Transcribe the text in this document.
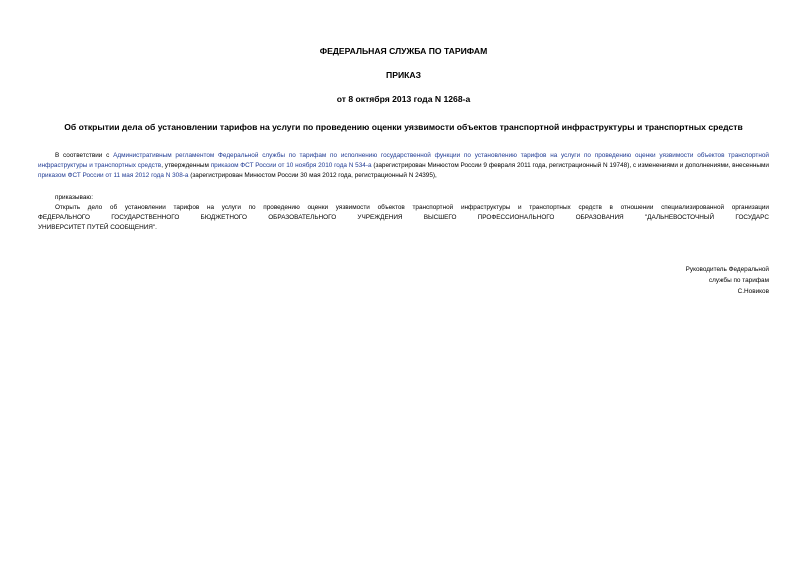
ФЕДЕРАЛЬНАЯ СЛУЖБА ПО ТАРИФАМ
ПРИКАЗ
от 8 октября 2013 года N 1268-а
Об открытии дела об установлении тарифов на услуги по проведению оценки уязвимости объектов транспортной инфраструктуры и транспортных средств
В соответствии с Административным регламентом Федеральной службы по тарифам по исполнению государственной функции по установлению тарифов на услуги по проведению оценки уязвимости объектов транспортной инфраструктуры и транспортных средств, утвержденным приказом ФСТ России от 10 ноября 2010 года N 534-а (зарегистрирован Минюстом России 9 февраля 2011 года, регистрационный N 19748), с изменениями и дополнениями, внесенными приказом ФСТ России от 11 мая 2012 года N 308-а (зарегистрирован Минюстом России 30 мая 2012 года, регистрационный N 24395),
приказываю:
Открыть дело об установлении тарифов на услуги по проведению оценки уязвимости объектов транспортной инфраструктуры и транспортных средств в отношении специализированной организации
ФЕДЕРАЛЬНОГО ГОСУДАРСТВЕННОГО БЮДЖЕТНОГО ОБРАЗОВАТЕЛЬНОГО УЧРЕЖДЕНИЯ ВЫСШЕГО ПРОФЕССИОНАЛЬНОГО ОБРАЗОВАНИЯ "ДАЛЬНЕВОСТОЧНЫЙ ГОСУДАРС
УНИВЕРСИТЕТ ПУТЕЙ СООБЩЕНИЯ".
Руководитель Федеральной
службы по тарифам
С.Новиков
